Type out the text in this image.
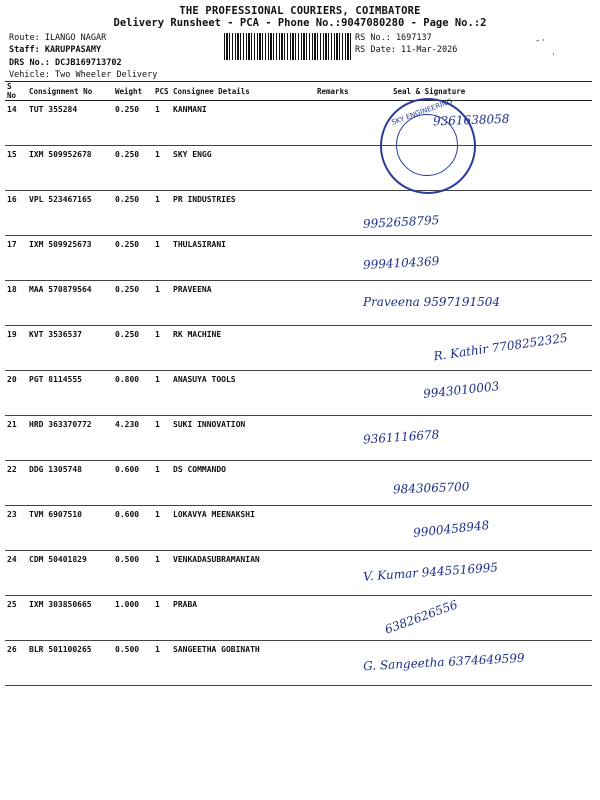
THE PROFESSIONAL COURIERS, COIMBATORE
Delivery Runsheet - PCA - Phone No.:9047080280 - Page No.:2
Route: ILANGO NAGAR
Staff: KARUPPASAMY
DRS No.: DCJB169713702
Vehicle: Two Wheeler Delivery
RS No.: 1697137
RS Date: 11-Mar-2026
S No	Consignment No	Weight	PCS	Consignee Details	Remarks	Seal & Signature
14	TUT 355284	0.250	1	KANMANI		9361638058

15	IXM 509952678	0.250	1	SKY ENGG		

16	VPL 523467165	0.250	1	PR INDUSTRIES		9952658795

17	IXM 509925673	0.250	1	THULASIRANI		9994104369

18	MAA 570879564	0.250	1	PRAVEENA		Praveena 9597191504

19	KVT 3536537	0.250	1	RK MACHINE		R. Kathir 7708252325

20	PGT 8114555	0.800	1	ANASUYA TOOLS		9943010003

21	HRD 363370772	4.230	1	SUKI INNOVATION		9361116678

22	DDG 1305748	0.600	1	DS COMMANDO		9843065700

23	TVM 6907510	0.600	1	LOKAVYA MEENAKSHI		9900458948

24	CDM 50401829	0.500	1	VENKADASUBRAMANIAN		V. Kumar 9445516995

25	IXM 303850665	1.000	1	PRABA		6382626556

26	BLR 501100265	0.500	1	SANGEETHA GOBINATH		G. Sangeetha 6374649599
SKY ENGINEERING
- ·
·
